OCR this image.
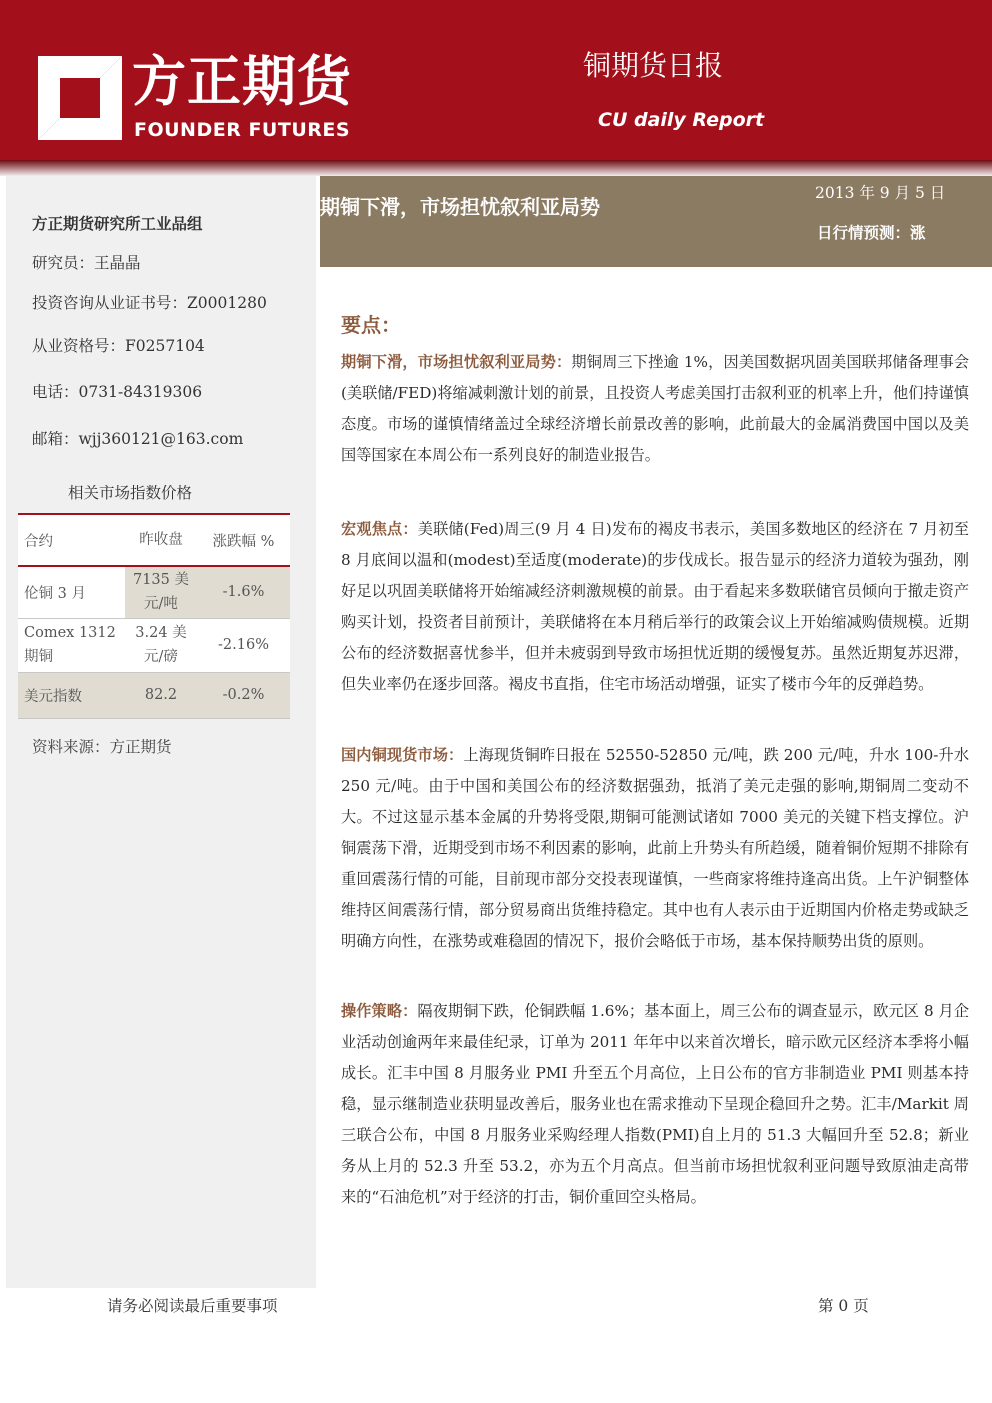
方正期货
FOUNDER FUTURES
铜期货日报
CU daily Report
方正期货研究所工业品组
研究员：王晶晶
投资咨询从业证书号：Z0001280
从业资格号：F0257104
电话：0731-84319306
邮箱：wjj360121@163.com
相关市场指数价格
合约	昨收盘	涨跌幅 %
伦铜 3 月	7135 美元/吨	-1.6%
Comex 1312 期铜	3.24 美元/磅	-2.16%
美元指数	82.2	-0.2%
资料来源：方正期货
期铜下滑，市场担忧叙利亚局势
2013 年 9 月 5 日
日行情预测：涨
要点：

期铜下滑，市场担忧叙利亚局势：期铜周三下挫逾 1%，因美国数据巩固美国联邦储备理事会(美联储/FED)将缩减刺激计划的前景，且投资人考虑美国打击叙利亚的机率上升，他们持谨慎态度。市场的谨慎情绪盖过全球经济增长前景改善的影响，此前最大的金属消费国中国以及美国等国家在本周公布一系列良好的制造业报告。

宏观焦点：美联储(Fed)周三(9 月 4 日)发布的褐皮书表示，美国多数地区的经济在 7 月初至 8 月底间以温和(modest)至适度(moderate)的步伐成长。报告显示的经济力道较为强劲，刚好足以巩固美联储将开始缩减经济刺激规模的前景。由于看起来多数联储官员倾向于撤走资产购买计划，投资者目前预计，美联储将在本月稍后举行的政策会议上开始缩减购债规模。近期公布的经济数据喜忧参半，但并未疲弱到导致市场担忧近期的缓慢复苏。虽然近期复苏迟滞，但失业率仍在逐步回落。褐皮书直指，住宅市场活动增强，证实了楼市今年的反弹趋势。

国内铜现货市场：上海现货铜昨日报在 52550-52850 元/吨，跌 200 元/吨，升水 100-升水 250 元/吨。由于中国和美国公布的经济数据强劲，抵消了美元走强的影响,期铜周二变动不大。不过这显示基本金属的升势将受限,期铜可能测试诸如 7000 美元的关键下档支撑位。沪铜震荡下滑，近期受到市场不利因素的影响，此前上升势头有所趋缓，随着铜价短期不排除有重回震荡行情的可能，目前现市部分交投表现谨慎，一些商家将维持逢高出货。上午沪铜整体维持区间震荡行情，部分贸易商出货维持稳定。其中也有人表示由于近期国内价格走势或缺乏明确方向性，在涨势或难稳固的情况下，报价会略低于市场，基本保持顺势出货的原则。

操作策略：隔夜期铜下跌，伦铜跌幅 1.6%；基本面上，周三公布的调查显示，欧元区 8 月企业活动创逾两年来最佳纪录，订单为 2011 年年中以来首次增长，暗示欧元区经济本季将小幅成长。汇丰中国 8 月服务业 PMI 升至五个月高位，上日公布的官方非制造业 PMI 则基本持稳，显示继制造业获明显改善后，服务业也在需求推动下呈现企稳回升之势。汇丰/Markit 周三联合公布，中国 8 月服务业采购经理人指数(PMI)自上月的 51.3 大幅回升至 52.8；新业务从上月的 52.3 升至 53.2，亦为五个月高点。但当前市场担忧叙利亚问题导致原油走高带来的“石油危机”对于经济的打击，铜价重回空头格局。

请务必阅读最后重要事项	第 0 页
